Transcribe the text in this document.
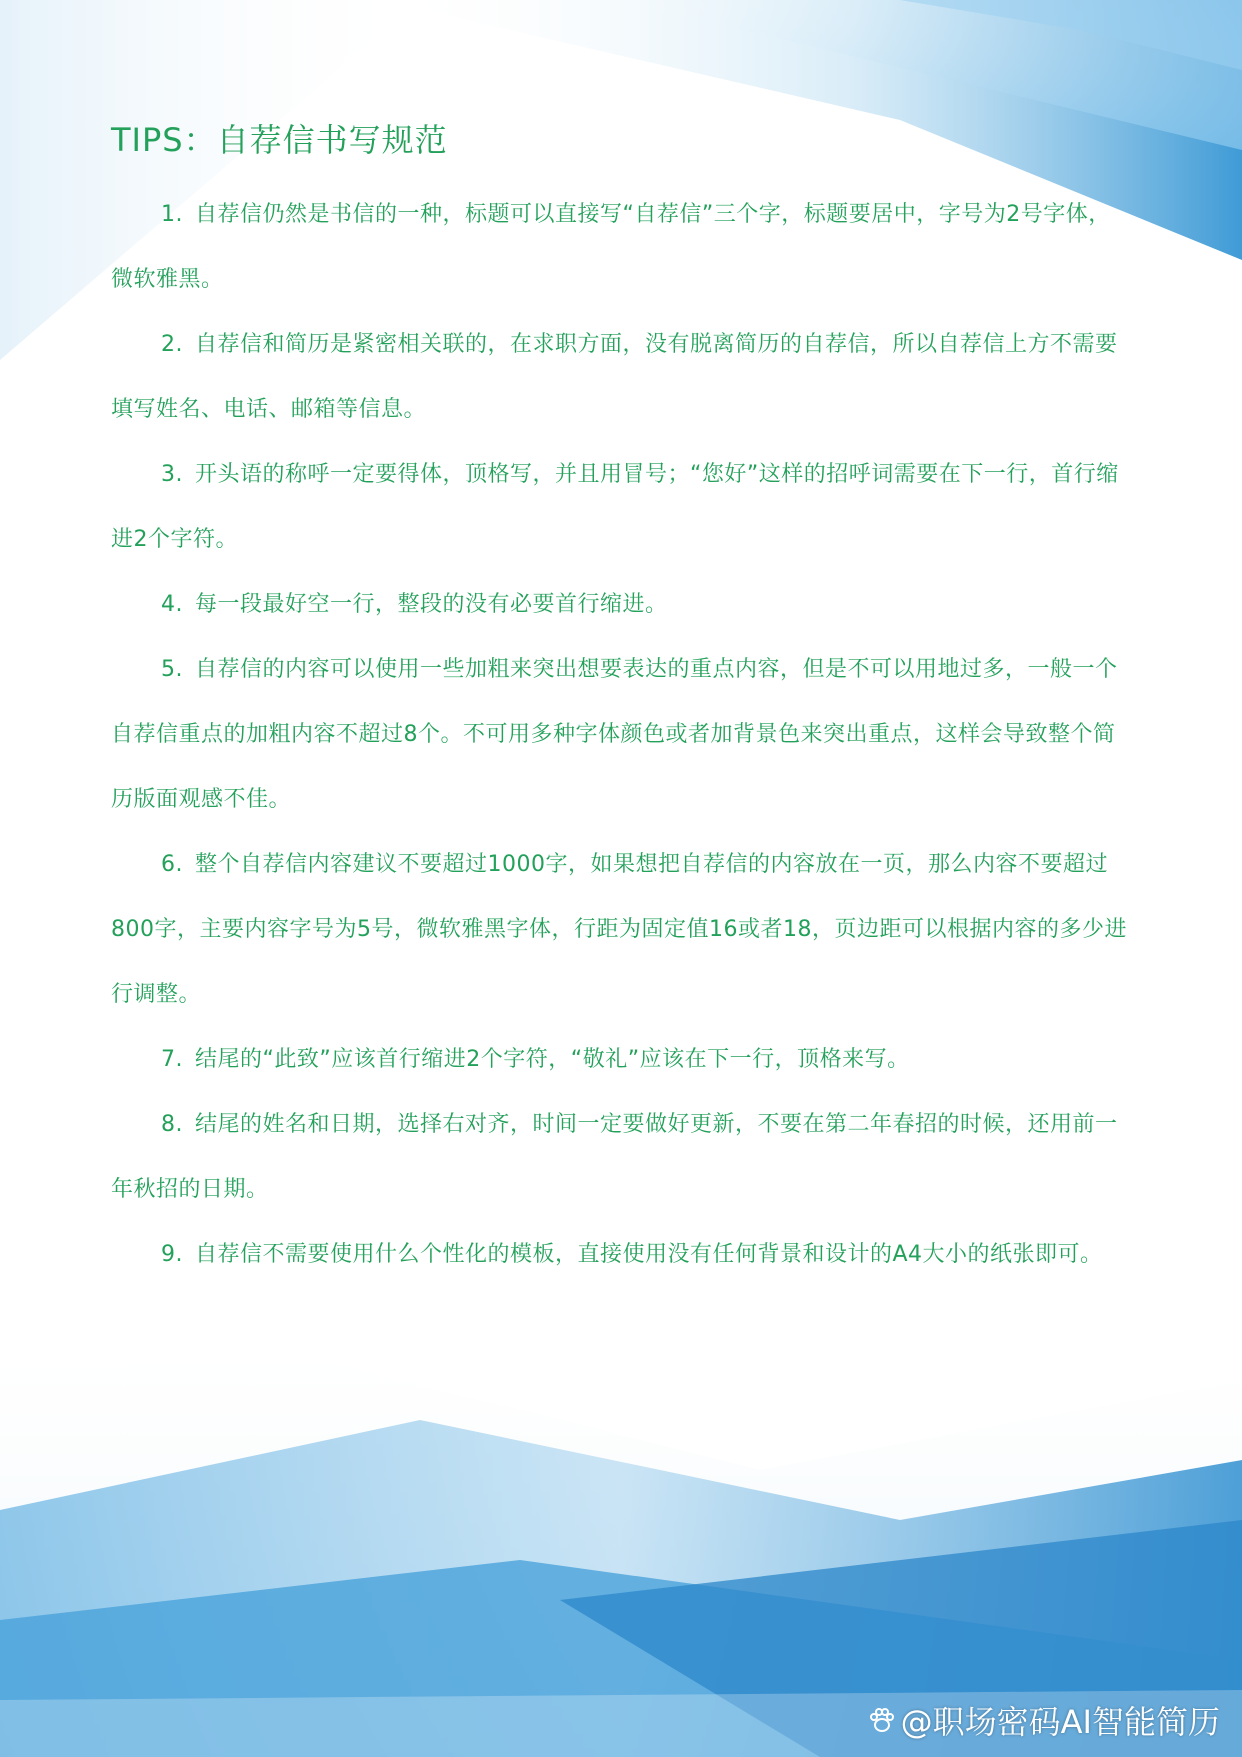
TIPS：自荐信书写规范

1. 自荐信仍然是书信的一种，标题可以直接写“自荐信”三个字，标题要居中，字号为2号字体，微软雅黑。

2. 自荐信和简历是紧密相关联的，在求职方面，没有脱离简历的自荐信，所以自荐信上方不需要填写姓名、电话、邮箱等信息。

3. 开头语的称呼一定要得体，顶格写，并且用冒号；“您好”这样的招呼词需要在下一行，首行缩进2个字符。

4. 每一段最好空一行，整段的没有必要首行缩进。

5. 自荐信的内容可以使用一些加粗来突出想要表达的重点内容，但是不可以用地过多，一般一个自荐信重点的加粗内容不超过8个。不可用多种字体颜色或者加背景色来突出重点，这样会导致整个简历版面观感不佳。

6. 整个自荐信内容建议不要超过1000字，如果想把自荐信的内容放在一页，那么内容不要超过800字，主要内容字号为5号，微软雅黑字体，行距为固定值16或者18，页边距可以根据内容的多少进行调整。

7. 结尾的“此致”应该首行缩进2个字符，“敬礼”应该在下一行，顶格来写。

8. 结尾的姓名和日期，选择右对齐，时间一定要做好更新，不要在第二年春招的时候，还用前一年秋招的日期。

9. 自荐信不需要使用什么个性化的模板，直接使用没有任何背景和设计的A4大小的纸张即可。

@职场密码AI智能简历
